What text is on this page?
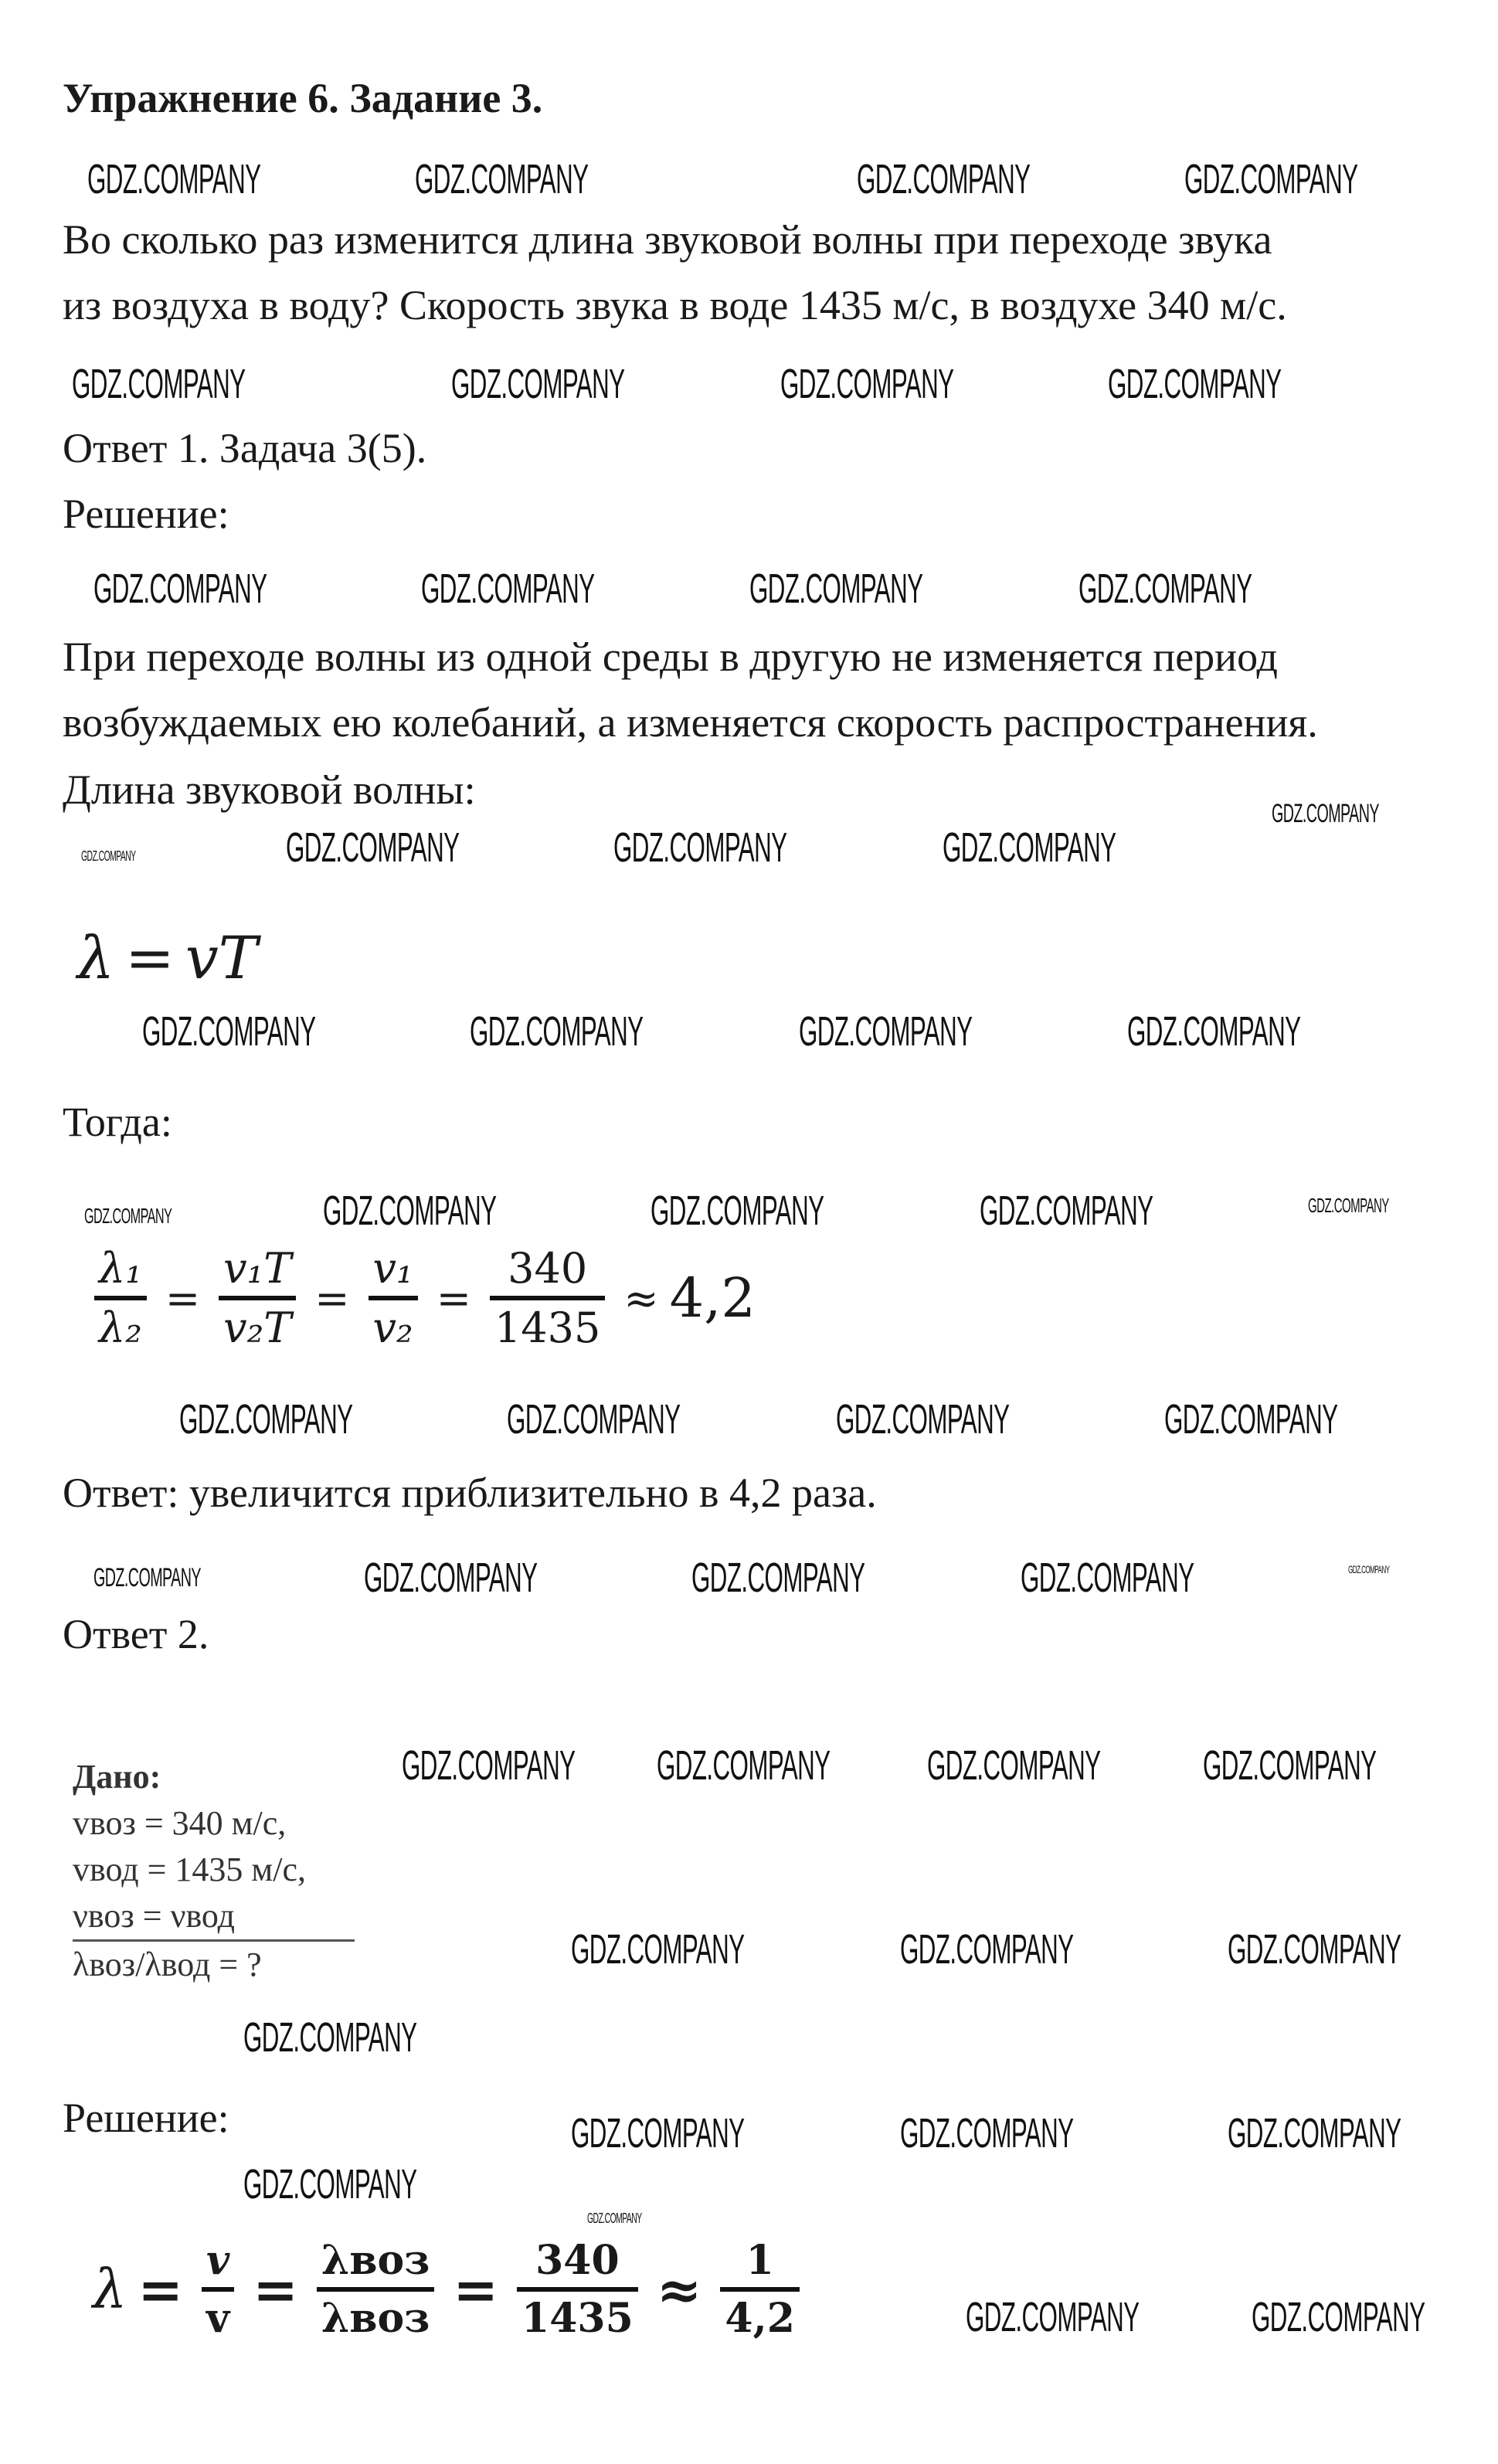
Упражнение 6. Задание 3.
Во сколько раз изменится длина звуковой волны при переходе звука
из воздуха в воду? Скорость звука в воде 1435 м/с, в воздухе 340 м/с.
Ответ 1. Задача 3(5).
Решение:
При переходе волны из одной среды в другую не изменяется период
возбуждаемых ею колебаний, а изменяется скорость распространения.
Длина звуковой волны:
λ = vT
Тогда:
$\frac{\text{λ₁}}{\text{λ₂}} = \frac{\text{v₁T}}{\text{v₂T}} = \frac{\text{v₁}}{\text{v₂}} = \frac{340}{1435} \approx 4,2$
Ответ: увеличится приблизительно в 4,2 раза.
Ответ 2.
Дано:
vвоз = 340 м/с,
vвод = 1435 м/с,
νвоз = νвод
λвоз/λвод = ?
Решение:
$\lambda = \frac{v}{v} = \lambda воз$
$\lambda воз = \frac{340}{1435} \approx \frac{1}{4,2}$
GDZ.COMPANY	GDZ.COMPANY	GDZ.COMPANY	GDZ.COMPANY
GDZ.COMPANY	GDZ.COMPANY	GDZ.COMPANY	GDZ.COMPANY
GDZ.COMPANY	GDZ.COMPANY	GDZ.COMPANY	GDZ.COMPANY
GDZ.COMPANY
GDZ.COMPANY	GDZ.COMPANY	GDZ.COMPANY	GDZ.COMPANY
GDZ.COMPANY	GDZ.COMPANY	GDZ.COMPANY	GDZ.COMPANY
GDZ.COMPANY	GDZ.COMPANY	GDZ.COMPANY	GDZ.COMPANY	GDZ.COMPANY
GDZ.COMPANY	GDZ.COMPANY	GDZ.COMPANY	GDZ.COMPANY
GDZ.COMPANY	GDZ.COMPANY	GDZ.COMPANY	GDZ.COMPANY	GDZ.COMPANY
GDZ.COMPANY GDZ.COMPANY GDZ.COMPANY GDZ.COMPANY
GDZ.COMPANY	GDZ.COMPANY	GDZ.COMPANY
GDZ.COMPANY
GDZ.COMPANY	GDZ.COMPANY	GDZ.COMPANY
GDZ.COMPANY
GDZ.COMPANY
GDZ.COMPANY	GDZ.COMPANY
